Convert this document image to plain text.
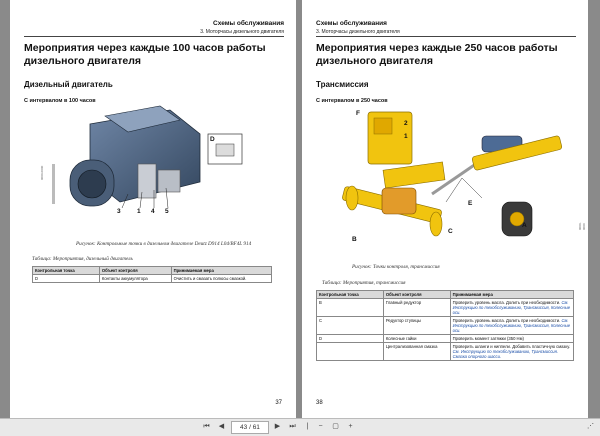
Схемы обслуживания
3. Моторчасы дизельного двигателя
Мероприятия через каждые 100 часов работы дизельного двигателя
Дизельный двигатель
С интервалом в 100 часов
3	1 4 5
D
0000-0000
Рисунок: Контрольные точки в дизельном двигателе Deutz D914 L04/BF4L 914
Таблица: Мероприятия, дизельный двигатель
Контрольная точка	Объект контроля	Принимаемая мера
D	Контакты аккумулятора	Очистить и смазать полюсы смазкой.
37
Схемы обслуживания
3. Моторчасы дизельного двигателя
Мероприятия через каждые 250 часов работы дизельного двигателя
Трансмиссия
С интервалом в 250 часов
F
2
1
E
B
C
A	0000-0000
Рисунок: Точки контроля, трансмиссия
Таблица: Мероприятия, трансмиссия
Контрольная точка	Объект контроля	Принимаемая мера
B	Главный редуктор	Проверить уровень масла. Долить при необходимости. См. Инструкцию по техобслуживанию, Трансмиссия, Колесные оси.
C	Редуктор ступицы	Проверить уровень масла. Долить при необходимости. См. Инструкцию по техобслуживанию, Трансмиссия, Колесные оси.
D	Колесные гайки	Проверить момент затяжки (350 Нм)
	Централизованная смазка	Проверить шланги и ниппели. Добавить пластичную смазку. См. Инструкцию по техобслуживанию, Трансмиссия. Смазка опорного шасси.
38
⏮	◀	43 / 61	▶	⏭	|	−	▢	+	⋰
